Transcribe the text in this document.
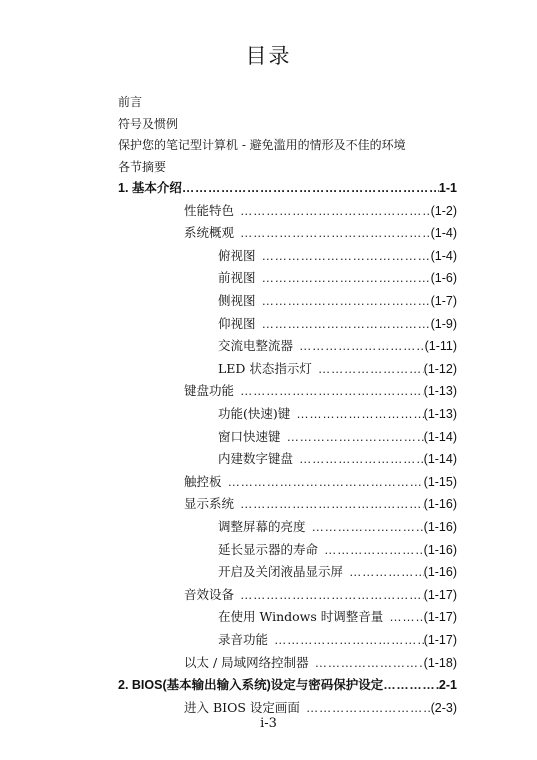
目录
前言
符号及惯例
保护您的笔记型计算机 - 避免滥用的情形及不佳的环境
各节摘要
1. 基本介绍 …………………………………………………………………………………………	1-1
性能特色 …………………………………………………………………………………………	(1-2)
系统概观 …………………………………………………………………………………………	(1-4)
俯视图 …………………………………………………………………………………………	(1-4)
前视图 …………………………………………………………………………………………	(1-6)
侧视图 …………………………………………………………………………………………	(1-7)
仰视图 …………………………………………………………………………………………	(1-9)
交流电整流器 …………………………………………………………………………………………	(1-11)
LED 状态指示灯 …………………………………………………………………………………………	(1-12)
键盘功能 …………………………………………………………………………………………	(1-13)
功能(快速)键 …………………………………………………………………………………………	(1-13)
窗口快速键 …………………………………………………………………………………………	(1-14)
内建数字键盘 …………………………………………………………………………………………	(1-14)
触控板 …………………………………………………………………………………………	(1-15)
显示系统 …………………………………………………………………………………………	(1-16)
调整屏幕的亮度 …………………………………………………………………………………………	(1-16)
延长显示器的寿命 …………………………………………………………………………………………	(1-16)
开启及关闭液晶显示屏 …………………………………………………………………………………………	(1-16)
音效设备 …………………………………………………………………………………………	(1-17)
在使用 Windows 时调整音量 …………………………………………………………………………………………	(1-17)
录音功能 …………………………………………………………………………………………	(1-17)
以太 / 局域网络控制器 …………………………………………………………………………………………	(1-18)
2. BIOS(基本输出输入系统)设定与密码保护设定 …………………………………………………………………………………………	2-1
进入 BIOS 设定画面 …………………………………………………………………………………………	(2-3)
i-3
